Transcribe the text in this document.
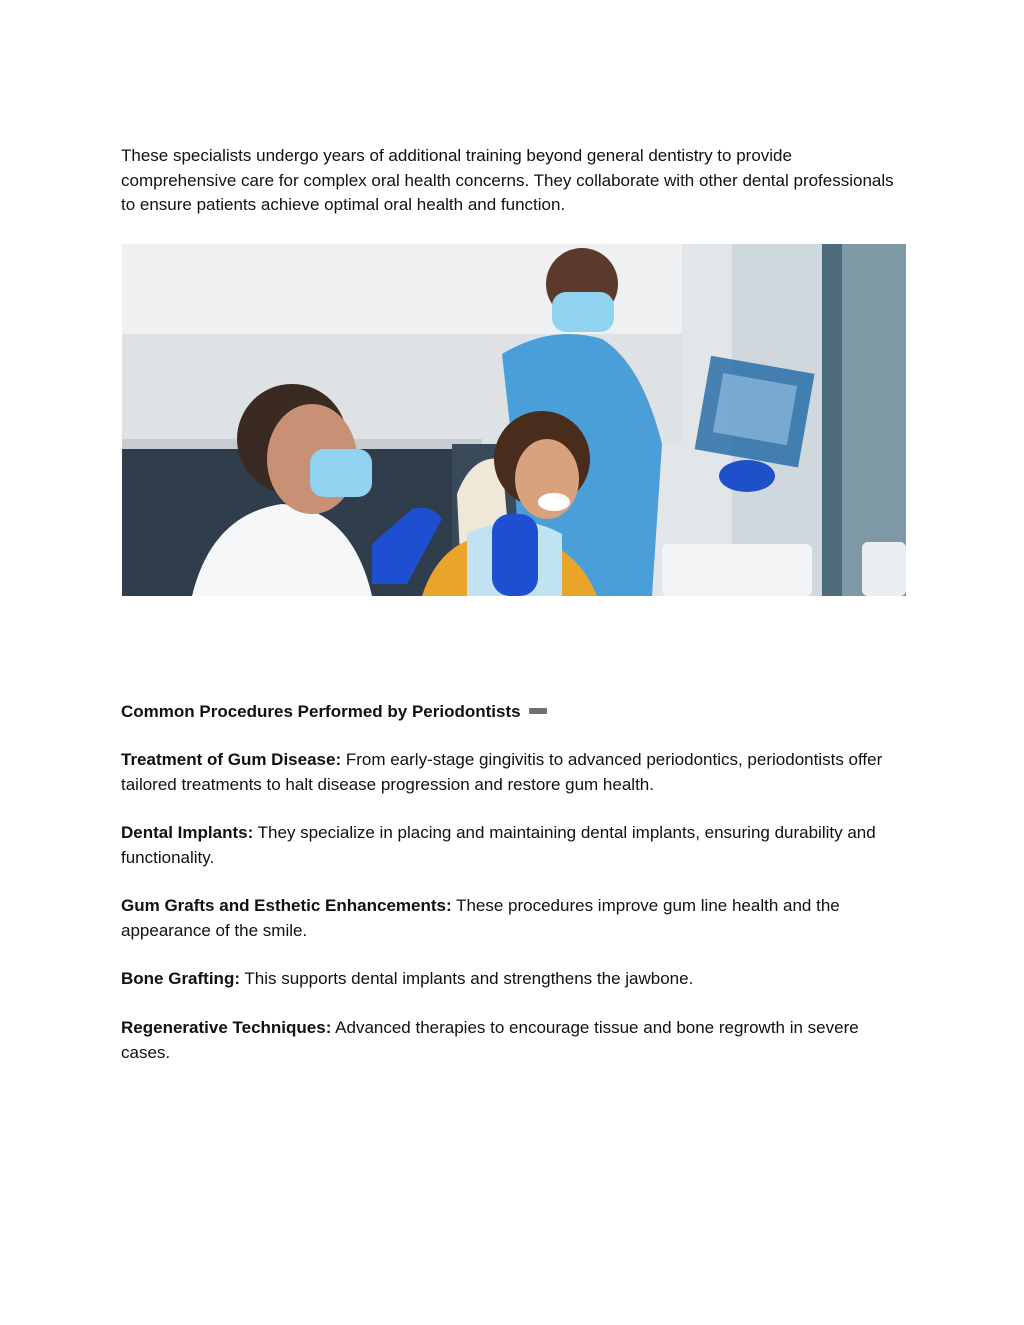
These specialists undergo years of additional training beyond general dentistry to provide comprehensive care for complex oral health concerns. They collaborate with other dental professionals to ensure patients achieve optimal oral health and function.

Common Procedures Performed by Periodontists

Treatment of Gum Disease: From early-stage gingivitis to advanced periodontics, periodontists offer tailored treatments to halt disease progression and restore gum health.

Dental Implants: They specialize in placing and maintaining dental implants, ensuring durability and functionality.

Gum Grafts and Esthetic Enhancements: These procedures improve gum line health and the appearance of the smile.

Bone Grafting: This supports dental implants and strengthens the jawbone.

Regenerative Techniques: Advanced therapies to encourage tissue and bone regrowth in severe cases.
